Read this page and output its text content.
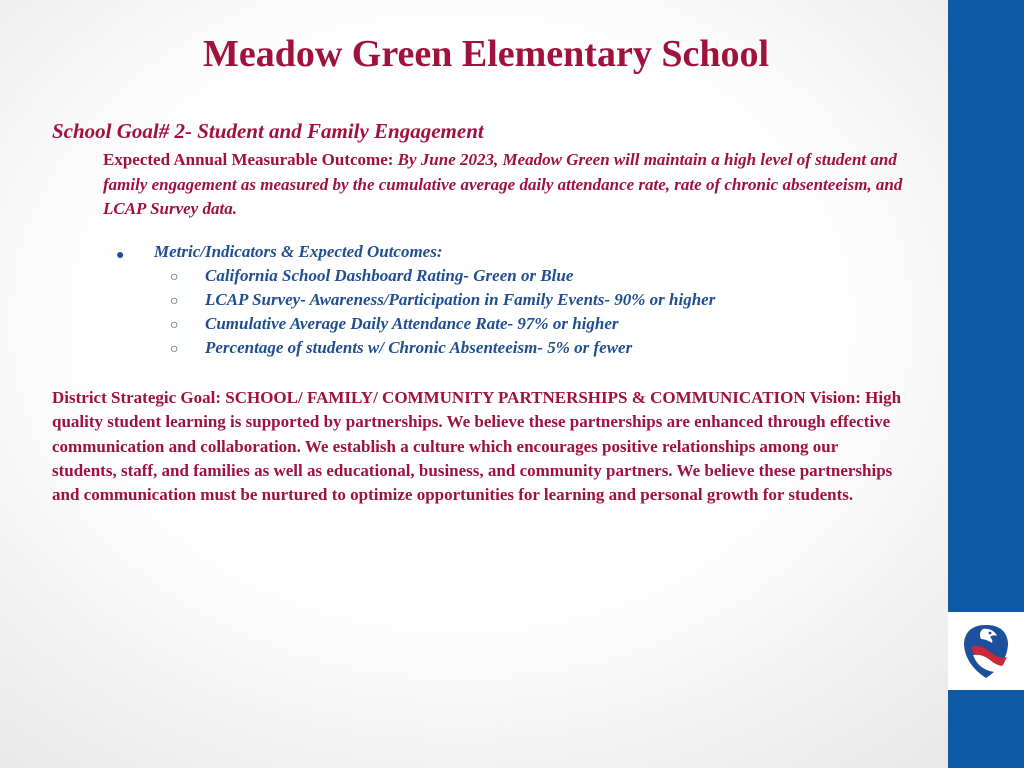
Meadow Green Elementary School
School Goal# 2- Student and Family Engagement

Expected Annual Measurable Outcome: By June 2023, Meadow Green will maintain a high level of student and family engagement as measured by the cumulative average daily attendance rate, rate of chronic absenteeism, and LCAP Survey data.

● Metric/Indicators & Expected Outcomes:
○ California School Dashboard Rating- Green or Blue
○ LCAP Survey- Awareness/Participation in Family Events- 90% or higher
○ Cumulative Average Daily Attendance Rate- 97% or higher
○ Percentage of students w/ Chronic Absenteeism- 5% or fewer

District Strategic Goal: SCHOOL/ FAMILY/ COMMUNITY PARTNERSHIPS & COMMUNICATION Vision: High quality student learning is supported by partnerships. We believe these partnerships are enhanced through effective communication and collaboration. We establish a culture which encourages positive relationships among our students, staff, and families as well as educational, business, and community partners. We believe these partnerships and communication must be nurtured to optimize opportunities for learning and personal growth for students.
